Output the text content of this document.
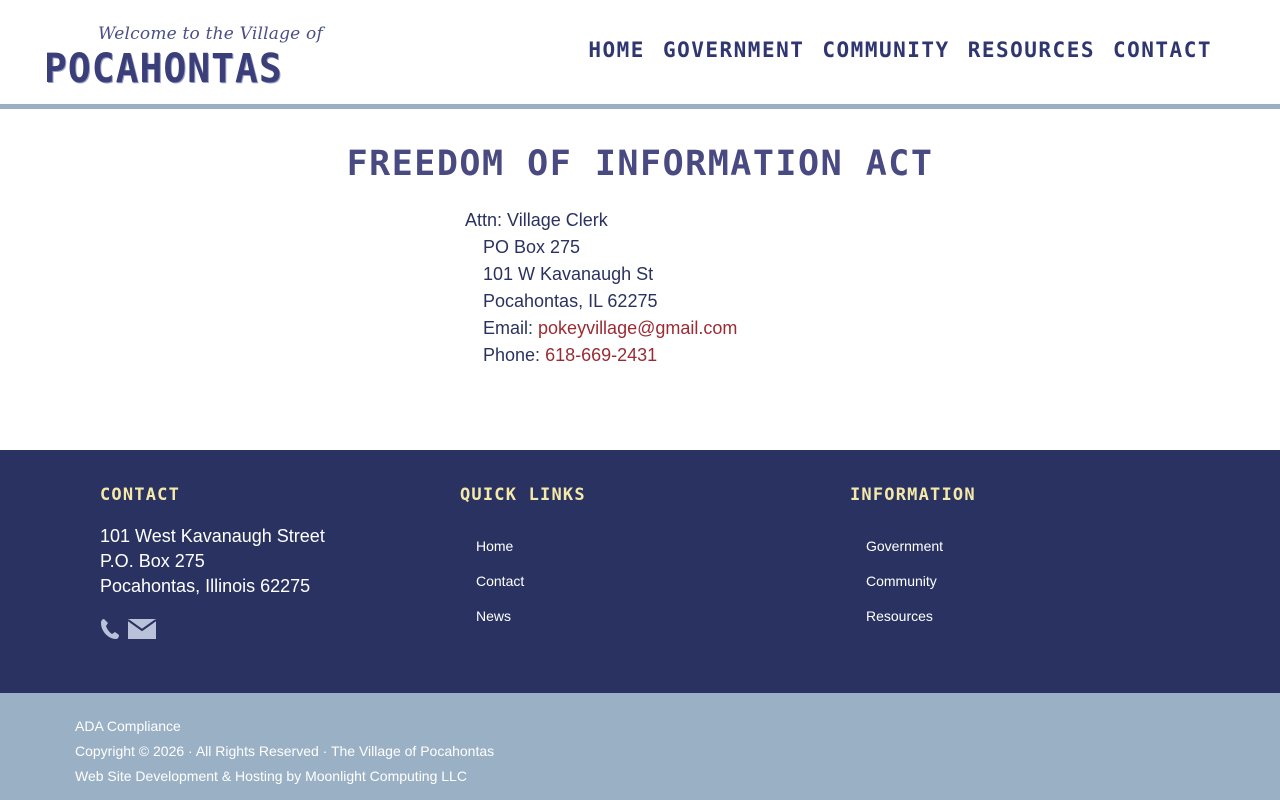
Welcome to the Village of
POCAHONTAS	HOME GOVERNMENT COMMUNITY RESOURCES CONTACT
FREEDOM OF INFORMATION ACT
Attn: Village Clerk
PO Box 275
101 W Kavanaugh St
Pocahontas, IL 62275
Email: pokeyvillage@gmail.com
Phone: 618-669-2431
CONTACT
101 West Kavanaugh Street
P.O. Box 275
Pocahontas, Illinois 62275
QUICK LINKS
Home
Contact
News
INFORMATION
Government
Community
Resources
ADA Compliance
Copyright © 2026 · All Rights Reserved · The Village of Pocahontas
Web Site Development & Hosting by Moonlight Computing LLC
